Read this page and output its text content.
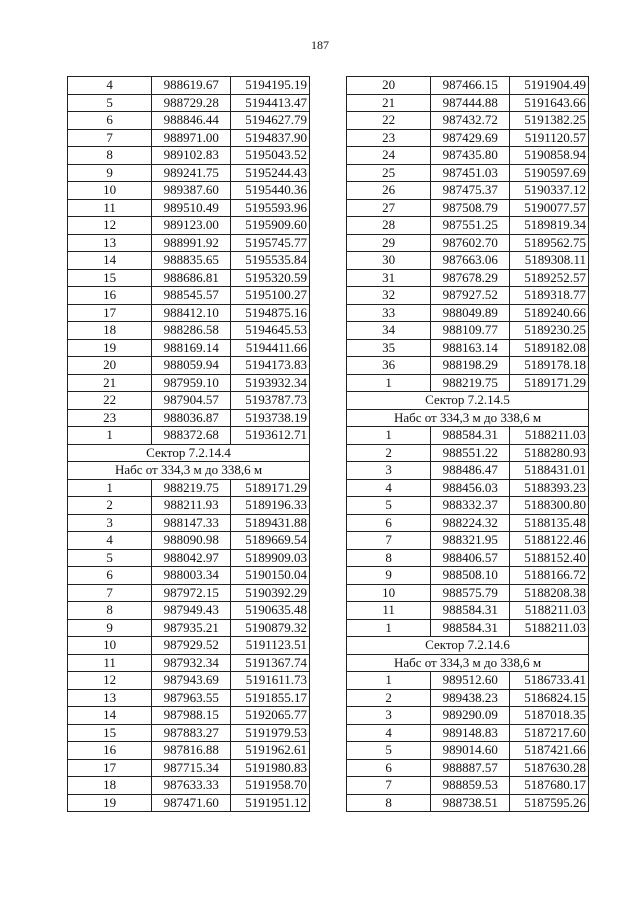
187
4	988619.67	5194195.19
5	988729.28	5194413.47
6	988846.44	5194627.79
7	988971.00	5194837.90
8	989102.83	5195043.52
9	989241.75	5195244.43
10	989387.60	5195440.36
11	989510.49	5195593.96
12	989123.00	5195909.60
13	988991.92	5195745.77
14	988835.65	5195535.84
15	988686.81	5195320.59
16	988545.57	5195100.27
17	988412.10	5194875.16
18	988286.58	5194645.53
19	988169.14	5194411.66
20	988059.94	5194173.83
21	987959.10	5193932.34
22	987904.57	5193787.73
23	988036.87	5193738.19
1	988372.68	5193612.71
Сектор 7.2.14.4		
Набс от 334,3 м до 338,6 м		
1	988219.75	5189171.29
2	988211.93	5189196.33
3	988147.33	5189431.88
4	988090.98	5189669.54
5	988042.97	5189909.03
6	988003.34	5190150.04
7	987972.15	5190392.29
8	987949.43	5190635.48
9	987935.21	5190879.32
10	987929.52	5191123.51
11	987932.34	5191367.74
12	987943.69	5191611.73
13	987963.55	5191855.17
14	987988.15	5192065.77
15	987883.27	5191979.53
16	987816.88	5191962.61
17	987715.34	5191980.83
18	987633.33	5191958.70
19	987471.60	5191951.12
20	987466.15	5191904.49
21	987444.88	5191643.66
22	987432.72	5191382.25
23	987429.69	5191120.57
24	987435.80	5190858.94
25	987451.03	5190597.69
26	987475.37	5190337.12
27	987508.79	5190077.57
28	987551.25	5189819.34
29	987602.70	5189562.75
30	987663.06	5189308.11
31	987678.29	5189252.57
32	987927.52	5189318.77
33	988049.89	5189240.66
34	988109.77	5189230.25
35	988163.14	5189182.08
36	988198.29	5189178.18
1	988219.75	5189171.29
Сектор 7.2.14.5		
Набс от 334,3 м до 338,6 м		
1	988584.31	5188211.03
2	988551.22	5188280.93
3	988486.47	5188431.01
4	988456.03	5188393.23
5	988332.37	5188300.80
6	988224.32	5188135.48
7	988321.95	5188122.46
8	988406.57	5188152.40
9	988508.10	5188166.72
10	988575.79	5188208.38
11	988584.31	5188211.03
1	988584.31	5188211.03
Сектор 7.2.14.6		
Набс от 334,3 м до 338,6 м		
1	989512.60	5186733.41
2	989438.23	5186824.15
3	989290.09	5187018.35
4	989148.83	5187217.60
5	989014.60	5187421.66
6	988887.57	5187630.28
7	988859.53	5187680.17
8	988738.51	5187595.26
